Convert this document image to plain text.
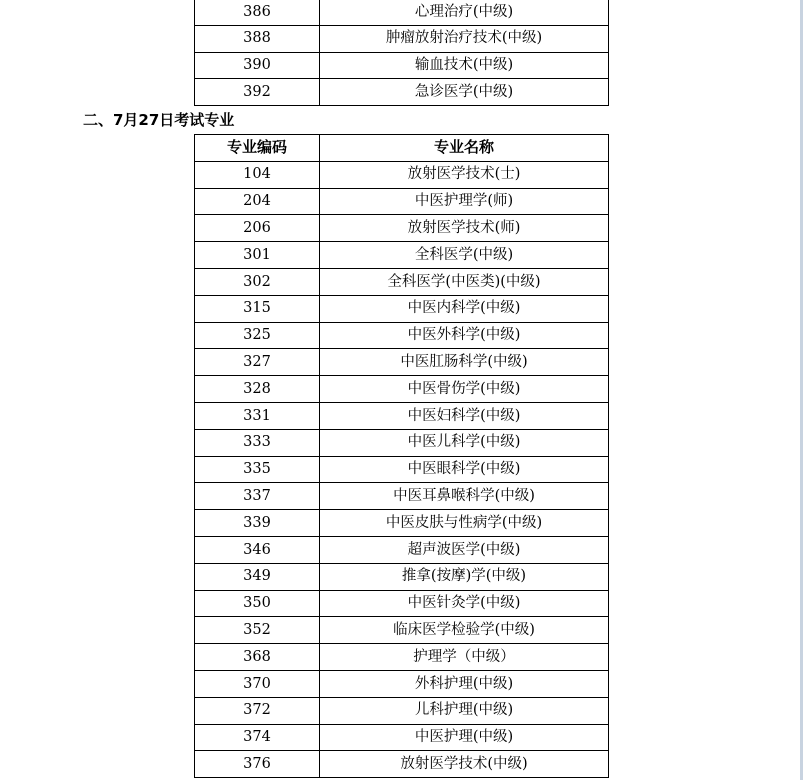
386	心理治疗(中级)
388	肿瘤放射治疗技术(中级)
390	输血技术(中级)
392	急诊医学(中级)
二、7月27日考试专业
专业编码	专业名称
104	放射医学技术(士)
204	中医护理学(师)
206	放射医学技术(师)
301	全科医学(中级)
302	全科医学(中医类)(中级)
315	中医内科学(中级)
325	中医外科学(中级)
327	中医肛肠科学(中级)
328	中医骨伤学(中级)
331	中医妇科学(中级)
333	中医儿科学(中级)
335	中医眼科学(中级)
337	中医耳鼻喉科学(中级)
339	中医皮肤与性病学(中级)
346	超声波医学(中级)
349	推拿(按摩)学(中级)
350	中医针灸学(中级)
352	临床医学检验学(中级)
368	护理学（中级）
370	外科护理(中级)
372	儿科护理(中级)
374	中医护理(中级)
376	放射医学技术(中级)
